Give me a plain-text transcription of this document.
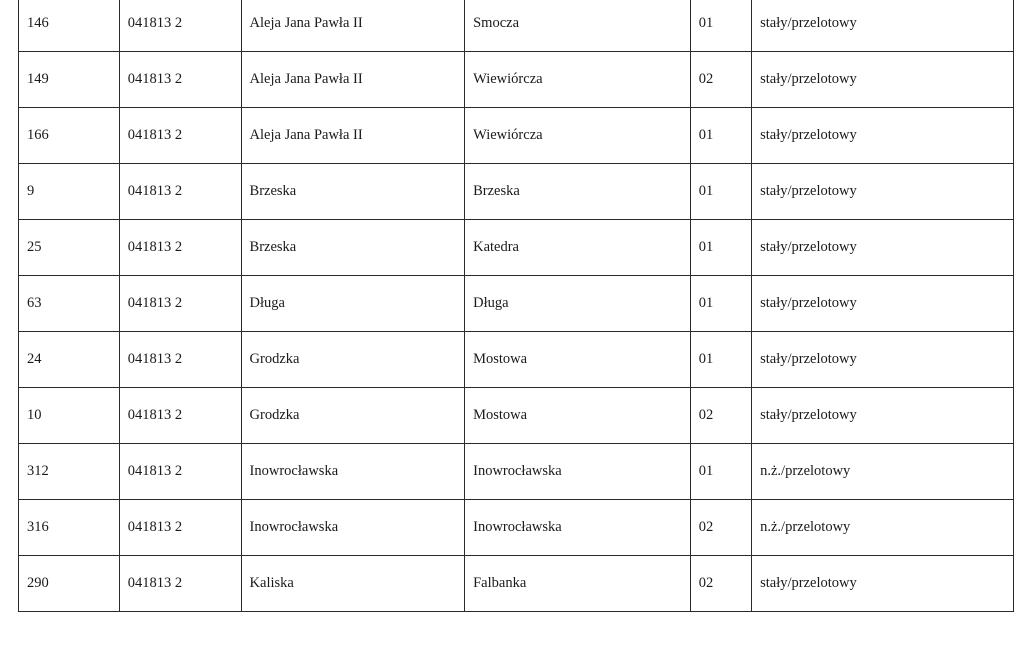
146	041813 2	Aleja Jana Pawła II	Smocza	01	stały/przelotowy
149	041813 2	Aleja Jana Pawła II	Wiewiórcza	02	stały/przelotowy
166	041813 2	Aleja Jana Pawła II	Wiewiórcza	01	stały/przelotowy
9	041813 2	Brzeska	Brzeska	01	stały/przelotowy
25	041813 2	Brzeska	Katedra	01	stały/przelotowy
63	041813 2	Długa	Długa	01	stały/przelotowy
24	041813 2	Grodzka	Mostowa	01	stały/przelotowy
10	041813 2	Grodzka	Mostowa	02	stały/przelotowy
312	041813 2	Inowrocławska	Inowrocławska	01	n.ż./przelotowy
316	041813 2	Inowrocławska	Inowrocławska	02	n.ż./przelotowy
290	041813 2	Kaliska	Falbanka	02	stały/przelotowy
